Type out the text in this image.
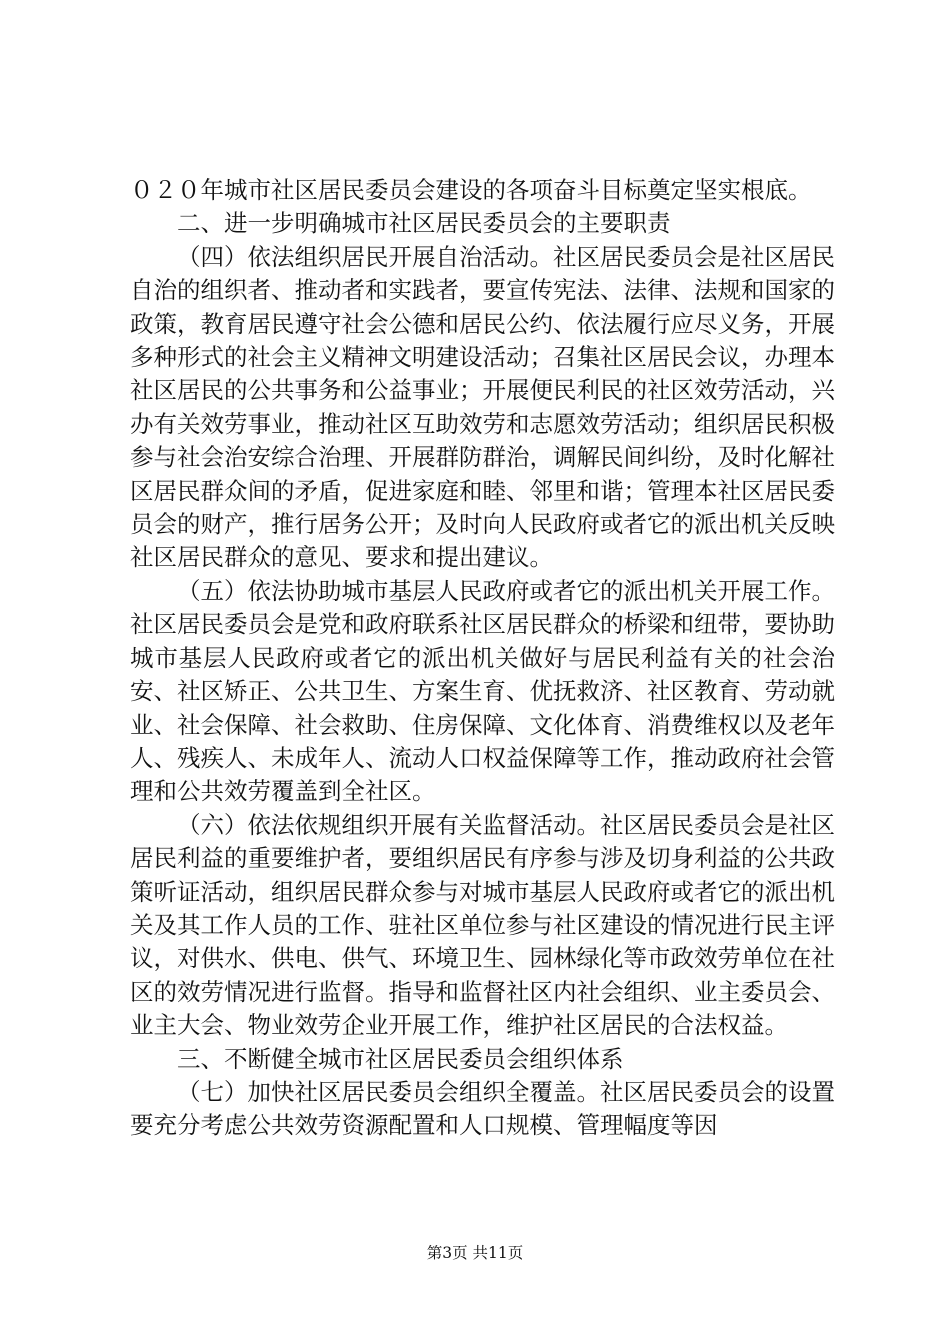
０２０年城市社区居民委员会建设的各项奋斗目标奠定坚实根底。

二、进一步明确城市社区居民委员会的主要职责

（四）依法组织居民开展自治活动。社区居民委员会是社区居民自治的组织者、推动者和实践者，要宣传宪法、法律、法规和国家的政策，教育居民遵守社会公德和居民公约、依法履行应尽义务，开展多种形式的社会主义精神文明建设活动；召集社区居民会议，办理本社区居民的公共事务和公益事业；开展便民利民的社区效劳活动，兴办有关效劳事业，推动社区互助效劳和志愿效劳活动；组织居民积极参与社会治安综合治理、开展群防群治，调解民间纠纷，及时化解社区居民群众间的矛盾，促进家庭和睦、邻里和谐；管理本社区居民委员会的财产，推行居务公开；及时向人民政府或者它的派出机关反映社区居民群众的意见、要求和提出建议。

（五）依法协助城市基层人民政府或者它的派出机关开展工作。社区居民委员会是党和政府联系社区居民群众的桥梁和纽带，要协助城市基层人民政府或者它的派出机关做好与居民利益有关的社会治安、社区矫正、公共卫生、方案生育、优抚救济、社区教育、劳动就业、社会保障、社会救助、住房保障、文化体育、消费维权以及老年人、残疾人、未成年人、流动人口权益保障等工作，推动政府社会管理和公共效劳覆盖到全社区。

（六）依法依规组织开展有关监督活动。社区居民委员会是社区居民利益的重要维护者，要组织居民有序参与涉及切身利益的公共政策听证活动，组织居民群众参与对城市基层人民政府或者它的派出机关及其工作人员的工作、驻社区单位参与社区建设的情况进行民主评议，对供水、供电、供气、环境卫生、园林绿化等市政效劳单位在社区的效劳情况进行监督。指导和监督社区内社会组织、业主委员会、业主大会、物业效劳企业开展工作，维护社区居民的合法权益。

三、不断健全城市社区居民委员会组织体系

（七）加快社区居民委员会组织全覆盖。社区居民委员会的设置要充分考虑公共效劳资源配置和人口规模、管理幅度等因

第3页 共11页
